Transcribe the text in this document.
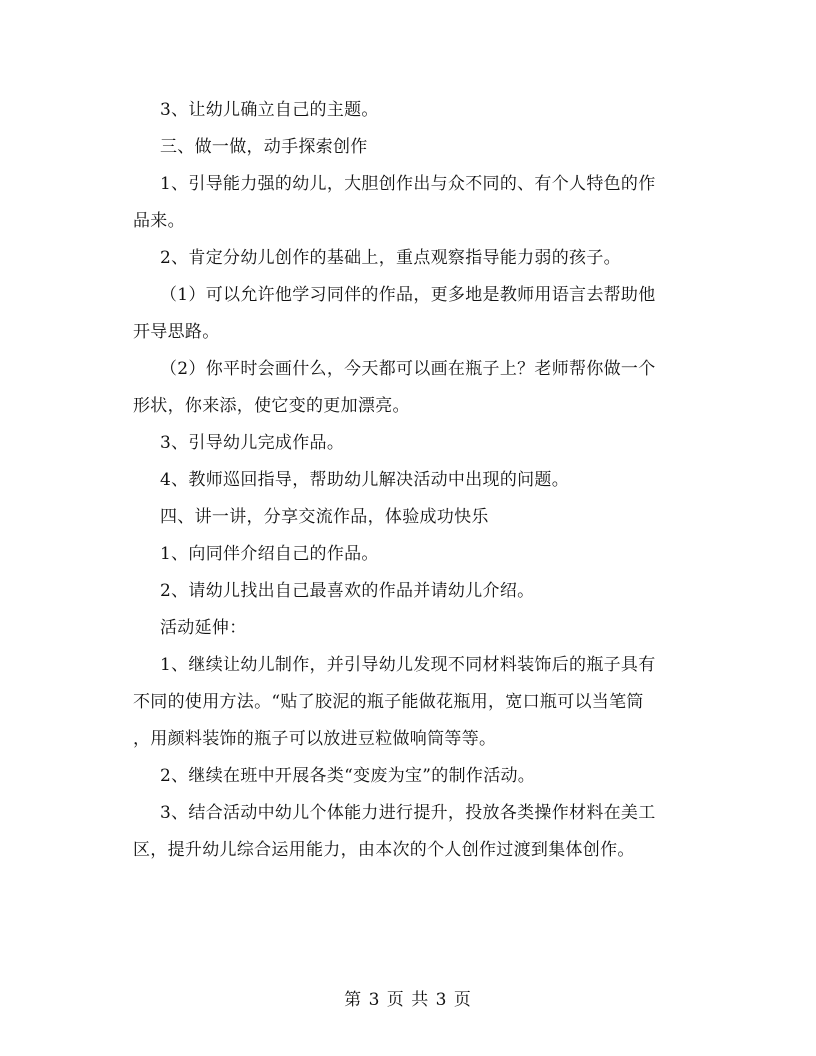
3、让幼儿确立自己的主题。
三、做一做，动手探索创作
1、引导能力强的幼儿，大胆创作出与众不同的、有个人特色的作
品来。
2、肯定分幼儿创作的基础上，重点观察指导能力弱的孩子。
（1）可以允许他学习同伴的作品，更多地是教师用语言去帮助他
开导思路。
（2）你平时会画什么，今天都可以画在瓶子上？老师帮你做一个
形状，你来添，使它变的更加漂亮。
3、引导幼儿完成作品。
4、教师巡回指导，帮助幼儿解决活动中出现的问题。
四、讲一讲，分享交流作品，体验成功快乐
1、向同伴介绍自己的作品。
2、请幼儿找出自己最喜欢的作品并请幼儿介绍。
活动延伸：
1、继续让幼儿制作，并引导幼儿发现不同材料装饰后的瓶子具有
不同的使用方法。“贴了胶泥的瓶子能做花瓶用，宽口瓶可以当笔筒
，用颜料装饰的瓶子可以放进豆粒做响筒等等。
2、继续在班中开展各类“变废为宝”的制作活动。
3、结合活动中幼儿个体能力进行提升，投放各类操作材料在美工
区，提升幼儿综合运用能力，由本次的个人创作过渡到集体创作。
第 3 页 共 3 页
